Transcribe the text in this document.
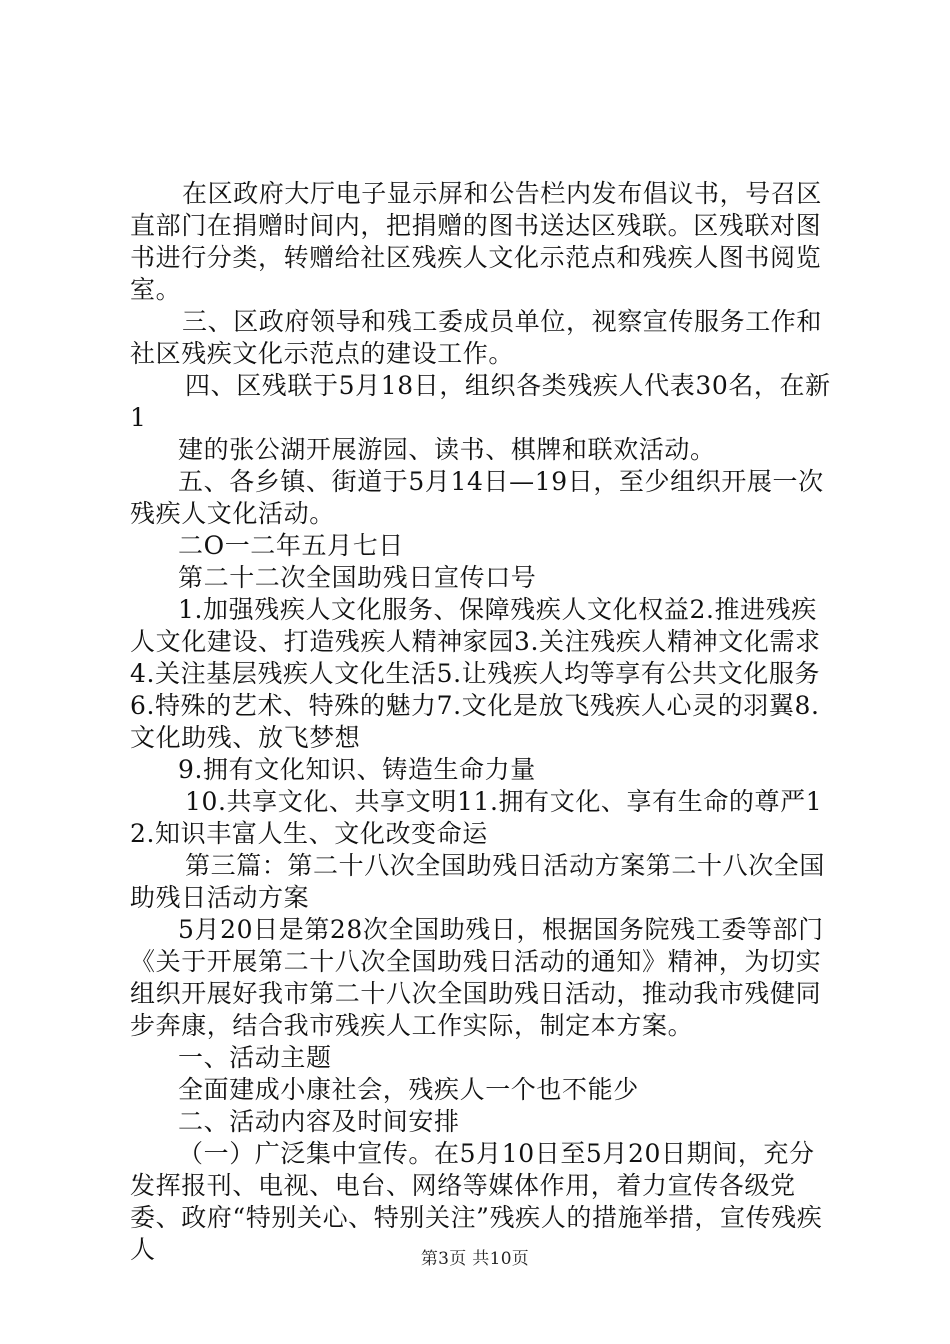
在区政府大厅电子显示屏和公告栏内发布倡议书，号召区直部门在捐赠时间内，把捐赠的图书送达区残联。区残联对图书进行分类，转赠给社区残疾人文化示范点和残疾人图书阅览室。

三、区政府领导和残工委成员单位，视察宣传服务工作和社区残疾文化示范点的建设工作。

四、区残联于5月18日，组织各类残疾人代表30名，在新1

建的张公湖开展游园、读书、棋牌和联欢活动。

五、各乡镇、街道于5月14日—19日，至少组织开展一次残疾人文化活动。

二O一二年五月七日

第二十二次全国助残日宣传口号

1.加强残疾人文化服务、保障残疾人文化权益2.推进残疾人文化建设、打造残疾人精神家园3.关注残疾人精神文化需求4.关注基层残疾人文化生活5.让残疾人均等享有公共文化服务6.特殊的艺术、特殊的魅力7.文化是放飞残疾人心灵的羽翼8.文化助残、放飞梦想

9.拥有文化知识、铸造生命力量

10.共享文化、共享文明11.拥有文化、享有生命的尊严12.知识丰富人生、文化改变命运

第三篇：第二十八次全国助残日活动方案第二十八次全国助残日活动方案

5月20日是第28次全国助残日，根据国务院残工委等部门《关于开展第二十八次全国助残日活动的通知》精神，为切实组织开展好我市第二十八次全国助残日活动，推动我市残健同步奔康，结合我市残疾人工作实际，制定本方案。

一、活动主题

全面建成小康社会，残疾人一个也不能少

二、活动内容及时间安排

（一）广泛集中宣传。在5月10日至5月20日期间，充分发挥报刊、电视、电台、网络等媒体作用，着力宣传各级党委、政府“特别关心、特别关注”残疾人的措施举措，宣传残疾人	第3页 共10页
